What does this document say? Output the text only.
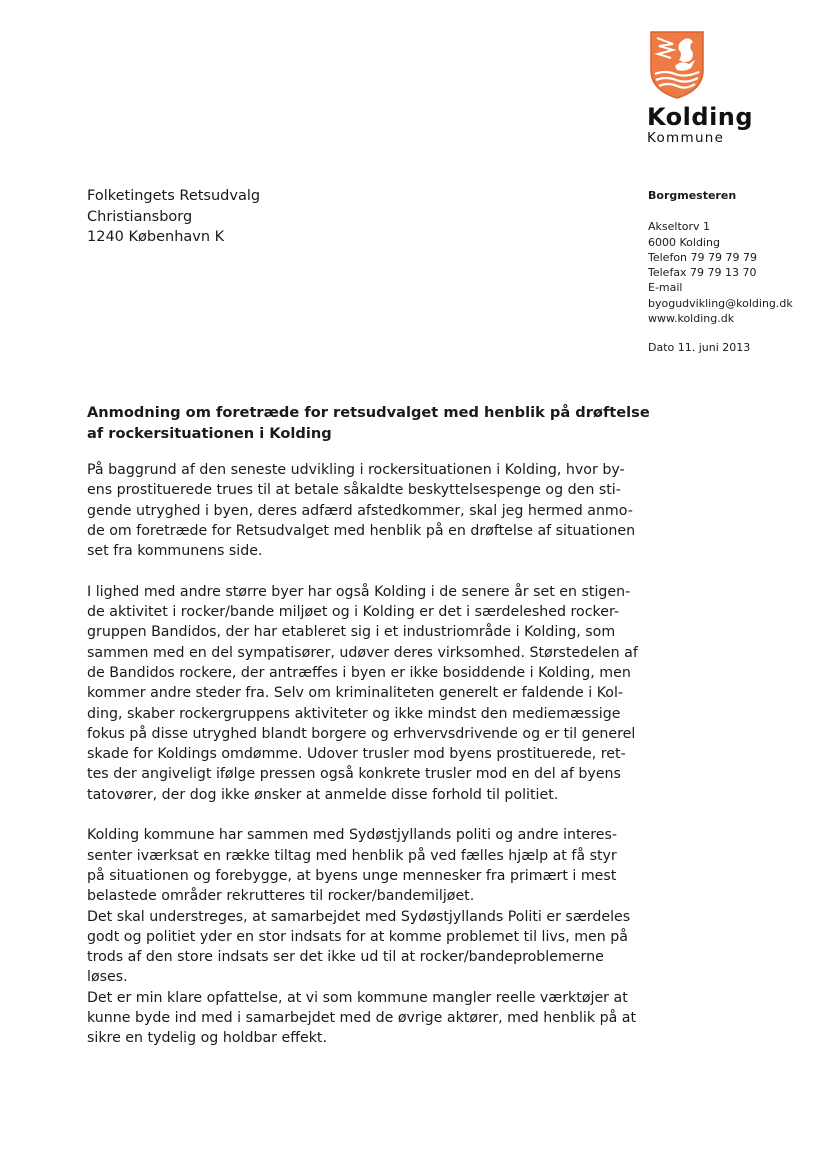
Kolding
Kommune
Folketingets Retsudvalg
Christiansborg
1240 København K
Borgmesteren
Akseltorv 1
6000 Kolding
Telefon 79 79 79 79
Telefax 79 79 13 70
E-mail
byogudvikling@kolding.dk
www.kolding.dk
Dato 11. juni 2013
Anmodning om foretræde for retsudvalget med henblik på drøftelse
af rockersituationen i Kolding

På baggrund af den seneste udvikling i rockersituationen i Kolding, hvor by-
ens prostituerede trues til at betale såkaldte beskyttelsespenge og den sti-
gende utryghed i byen, deres adfærd afstedkommer, skal jeg hermed anmo-
de om foretræde for Retsudvalget med henblik på en drøftelse af situationen
set fra kommunens side.

I lighed med andre større byer har også Kolding i de senere år set en stigen-
de aktivitet i rocker/bande miljøet og i Kolding er det i særdeleshed rocker-
gruppen Bandidos, der har etableret sig i et industriområde i Kolding, som
sammen med en del sympatisører, udøver deres virksomhed. Størstedelen af
de Bandidos rockere, der antræffes i byen er ikke bosiddende i Kolding, men
kommer andre steder fra. Selv om kriminaliteten generelt er faldende i Kol-
ding, skaber rockergruppens aktiviteter og ikke mindst den mediemæssige
fokus på disse utryghed blandt borgere og erhvervsdrivende og er til generel
skade for Koldings omdømme. Udover trusler mod byens prostituerede, ret-
tes der angiveligt ifølge pressen også konkrete trusler mod en del af byens
tatovører, der dog ikke ønsker at anmelde disse forhold til politiet.

Kolding kommune har sammen med Sydøstjyllands politi og andre interes-
senter iværksat en række tiltag med henblik på ved fælles hjælp at få styr
på situationen og forebygge, at byens unge mennesker fra primært i mest
belastede områder rekrutteres til rocker/bandemiljøet.

Det skal understreges, at samarbejdet med Sydøstjyllands Politi er særdeles
godt og politiet yder en stor indsats for at komme problemet til livs, men på
trods af den store indsats ser det ikke ud til at rocker/bandeproblemerne
løses.

Det er min klare opfattelse, at vi som kommune mangler reelle værktøjer at
kunne byde ind med i samarbejdet med de øvrige aktører, med henblik på at
sikre en tydelig og holdbar effekt.
